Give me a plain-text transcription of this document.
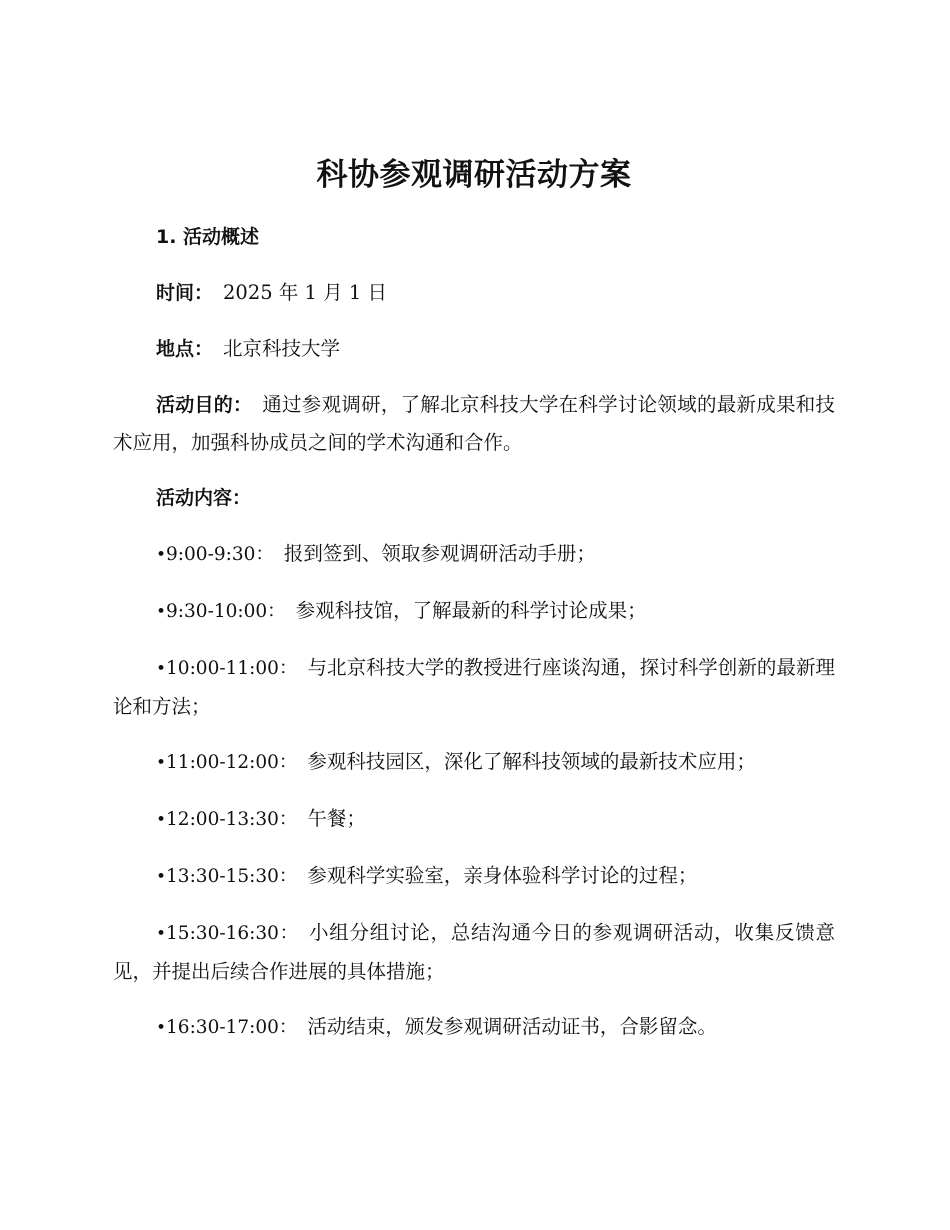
科协参观调研活动方案

1. 活动概述

时间： 2025 年 1 月 1 日

地点： 北京科技大学

活动目的： 通过参观调研，了解北京科技大学在科学讨论领域的最新成果和技术应用，加强科协成员之间的学术沟通和合作。

活动内容：

•9:00-9:30： 报到签到、领取参观调研活动手册；

•9:30-10:00： 参观科技馆，了解最新的科学讨论成果；

•10:00-11:00： 与北京科技大学的教授进行座谈沟通，探讨科学创新的最新理论和方法；

•11:00-12:00： 参观科技园区，深化了解科技领域的最新技术应用；

•12:00-13:30： 午餐；

•13:30-15:30： 参观科学实验室，亲身体验科学讨论的过程；

•15:30-16:30： 小组分组讨论，总结沟通今日的参观调研活动，收集反馈意见，并提出后续合作进展的具体措施；

•16:30-17:00： 活动结束，颁发参观调研活动证书，合影留念。
